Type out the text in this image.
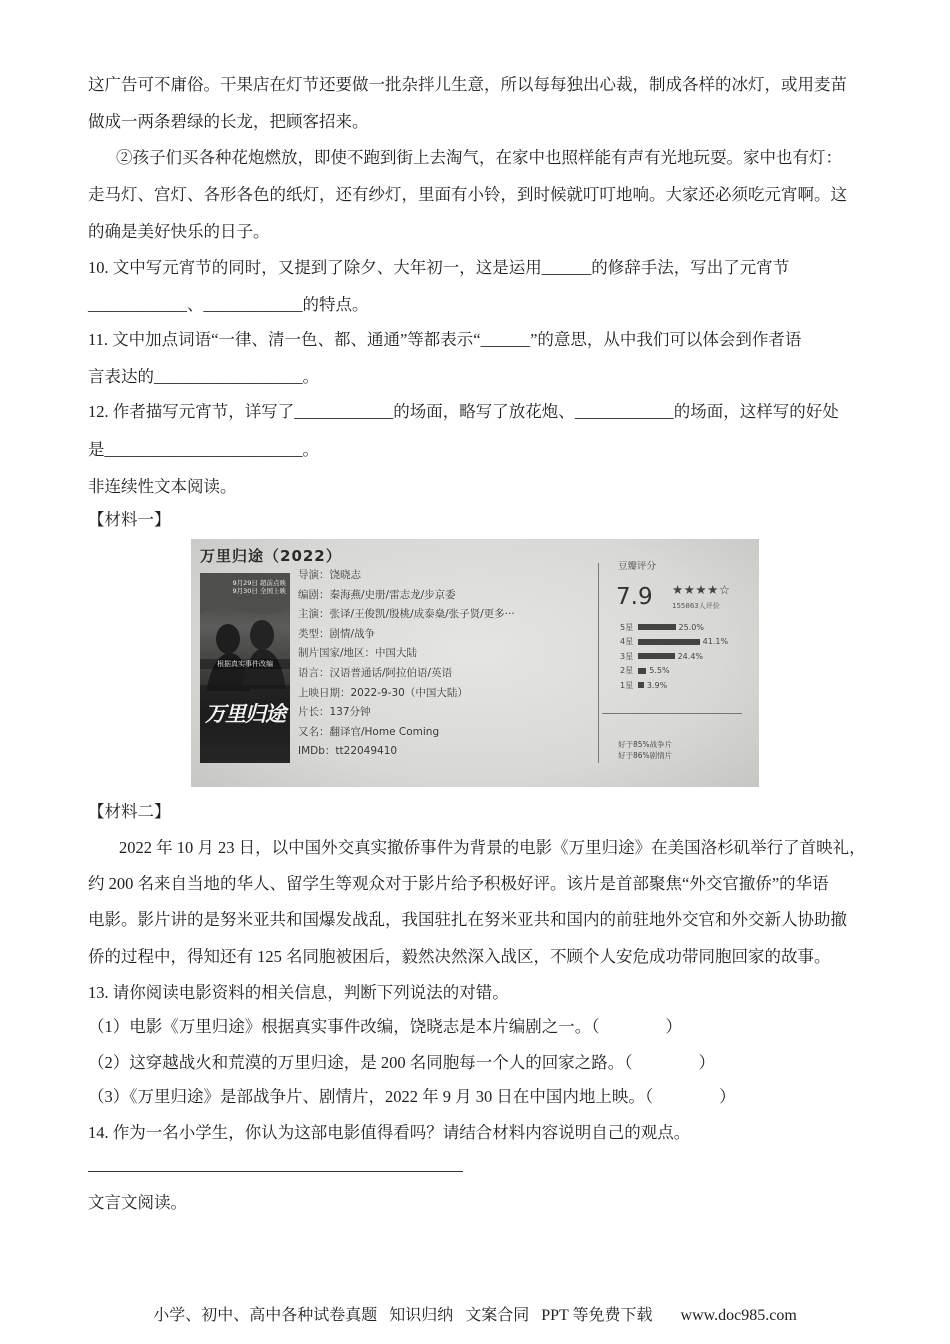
这广告可不庸俗。干果店在灯节还要做一批杂拌儿生意，所以每每独出心裁，制成各样的冰灯，或用麦苗
做成一两条碧绿的长龙，把顾客招来。
②孩子们买各种花炮燃放，即使不跑到街上去淘气，在家中也照样能有声有光地玩耍。家中也有灯：
走马灯、宫灯、各形各色的纸灯，还有纱灯，里面有小铃，到时候就叮叮地响。大家还必须吃元宵啊。这
的确是美好快乐的日子。
10. 文中写元宵节的同时，又提到了除夕、大年初一，这是运用______的修辞手法，写出了元宵节
____________、____________的特点。
11. 文中加点词语“一律、清一色、都、通通”等都表示“______”的意思，从中我们可以体会到作者语
言表达的__________________。
12. 作者描写元宵节，详写了____________的场面，略写了放花炮、____________的场面，这样写的好处
是________________________。
非连续性文本阅读。
【材料一】
万里归途（2022）
9月29日 超前点映
9月30日 全国上映
根据真实事件改编
万里归途
导演：饶晓志
编剧：秦海燕/史册/雷志龙/步京委
主演：张译/王俊凯/殷桃/成泰燊/张子贤/更多···
类型：剧情/战争
制片国家/地区：中国大陆
语言：汉语普通话/阿拉伯语/英语
上映日期：2022-9-30（中国大陆）
片长：137分钟
又名：翻译官/Home Coming
IMDb：tt22049410
豆瓣评分
7.9 ★★★★☆
155863人评价
5星	25.0%
4星	41.1%
3星	24.4%
2星	5.5%
1星	3.9%
好于85%战争片
好于86%剧情片
【材料二】
2022 年 10 月 23 日，以中国外交真实撤侨事件为背景的电影《万里归途》在美国洛杉矶举行了首映礼，
约 200 名来自当地的华人、留学生等观众对于影片给予积极好评。该片是首部聚焦“外交官撤侨”的华语
电影。影片讲的是努米亚共和国爆发战乱，我国驻扎在努米亚共和国内的前驻地外交官和外交新人协助撤
侨的过程中，得知还有 125 名同胞被困后，毅然决然深入战区，不顾个人安危成功带同胞回家的故事。
13. 请你阅读电影资料的相关信息，判断下列说法的对错。
（1）电影《万里归途》根据真实事件改编，饶晓志是本片编剧之一。（　　　　）
（2）这穿越战火和荒漠的万里归途，是 200 名同胞每一个人的回家之路。（　　　　）
（3）《万里归途》是部战争片、剧情片，2022 年 9 月 30 日在中国内地上映。（　　　　）
14. 作为一名小学生，你认为这部电影值得看吗？请结合材料内容说明自己的观点。
文言文阅读。
小学、初中、高中各种试卷真题 知识归纳 文案合同 PPT 等免费下载 www.doc985.com
